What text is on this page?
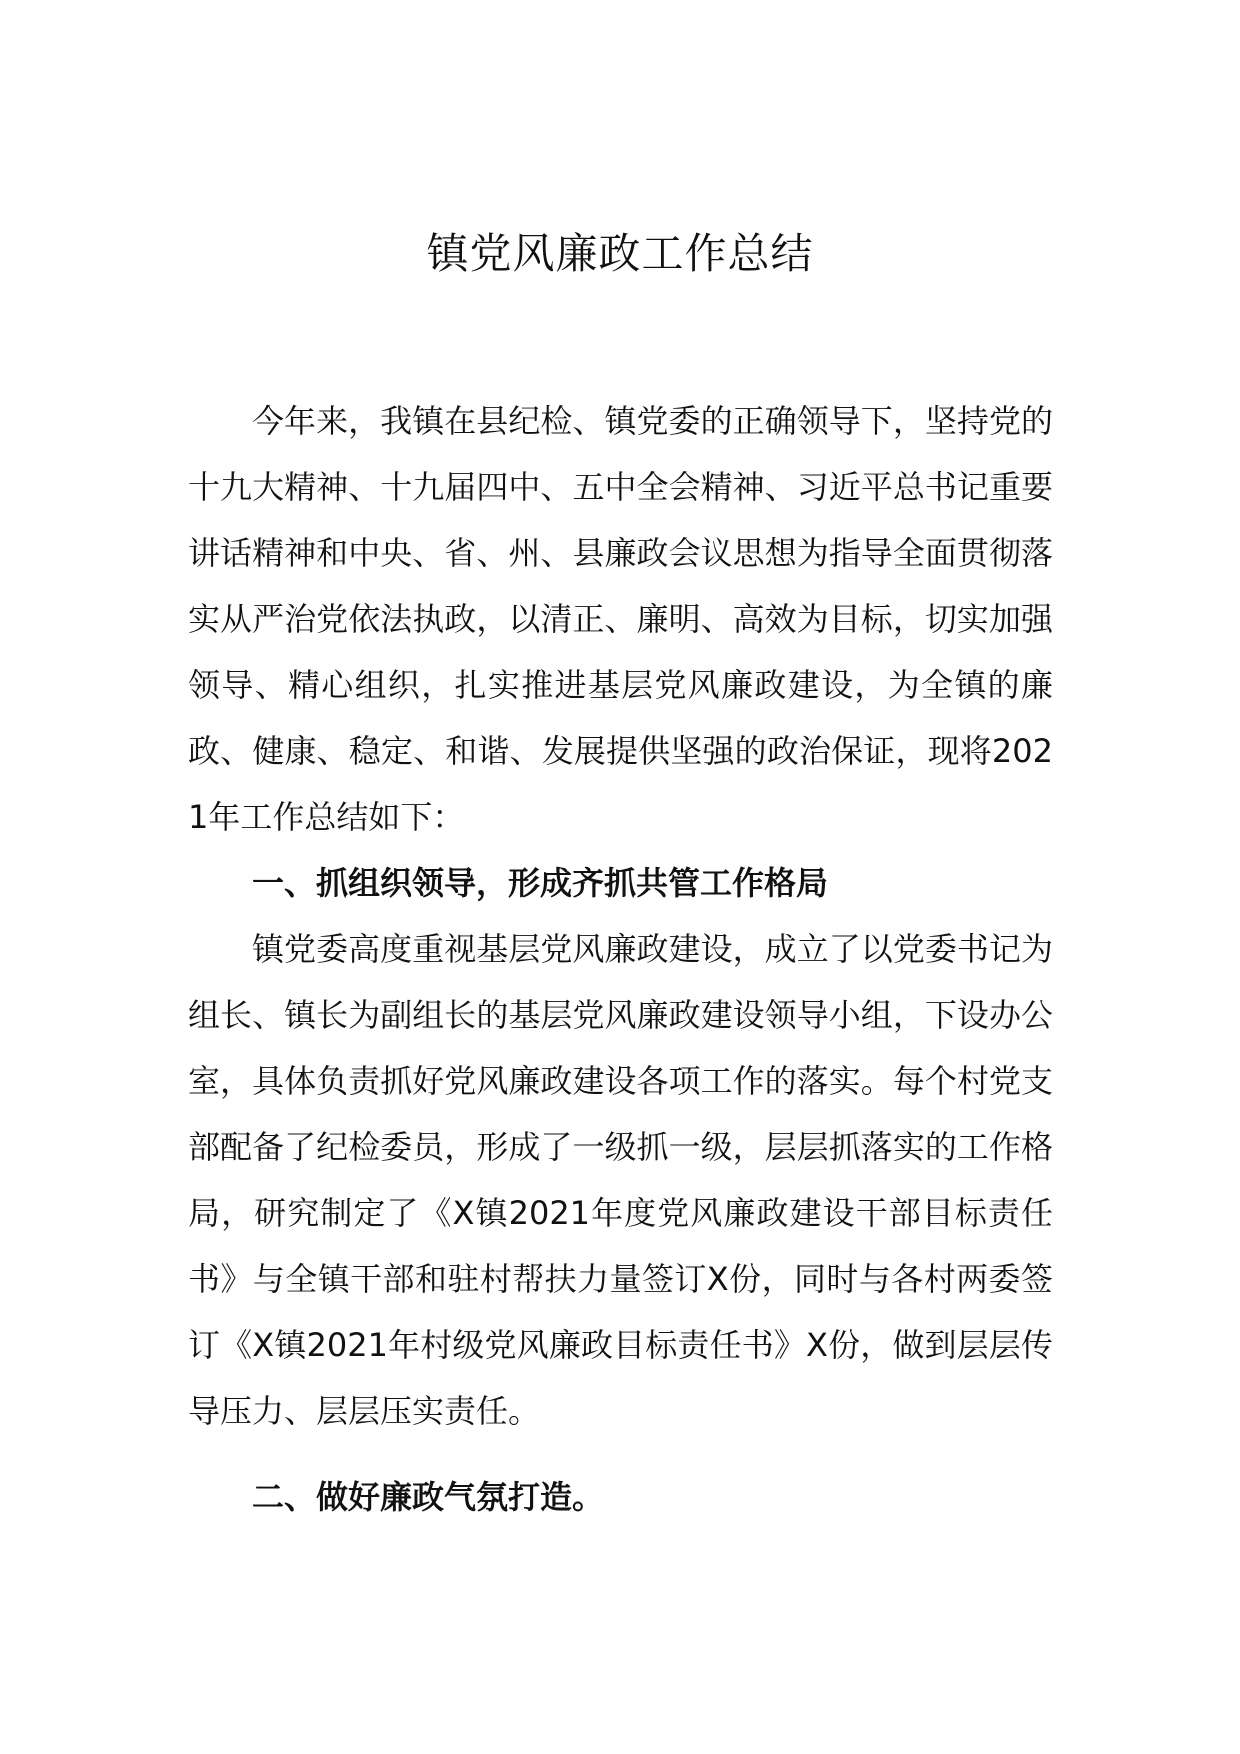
镇党风廉政工作总结

今年来，我镇在县纪检、镇党委的正确领导下，坚持党的十九大精神、十九届四中、五中全会精神、习近平总书记重要讲话精神和中央、省、州、县廉政会议思想为指导全面贯彻落实从严治党依法执政，以清正、廉明、高效为目标，切实加强领导、精心组织，扎实推进基层党风廉政建设，为全镇的廉政、健康、稳定、和谐、发展提供坚强的政治保证，现将2021年工作总结如下：

一、抓组织领导，形成齐抓共管工作格局

镇党委高度重视基层党风廉政建设，成立了以党委书记为组长、镇长为副组长的基层党风廉政建设领导小组，下设办公室，具体负责抓好党风廉政建设各项工作的落实。每个村党支部配备了纪检委员，形成了一级抓一级，层层抓落实的工作格局，研究制定了《X镇2021年度党风廉政建设干部目标责任书》与全镇干部和驻村帮扶力量签订X份，同时与各村两委签订《X镇2021年村级党风廉政目标责任书》X份，做到层层传导压力、层层压实责任。

二、做好廉政气氛打造。
